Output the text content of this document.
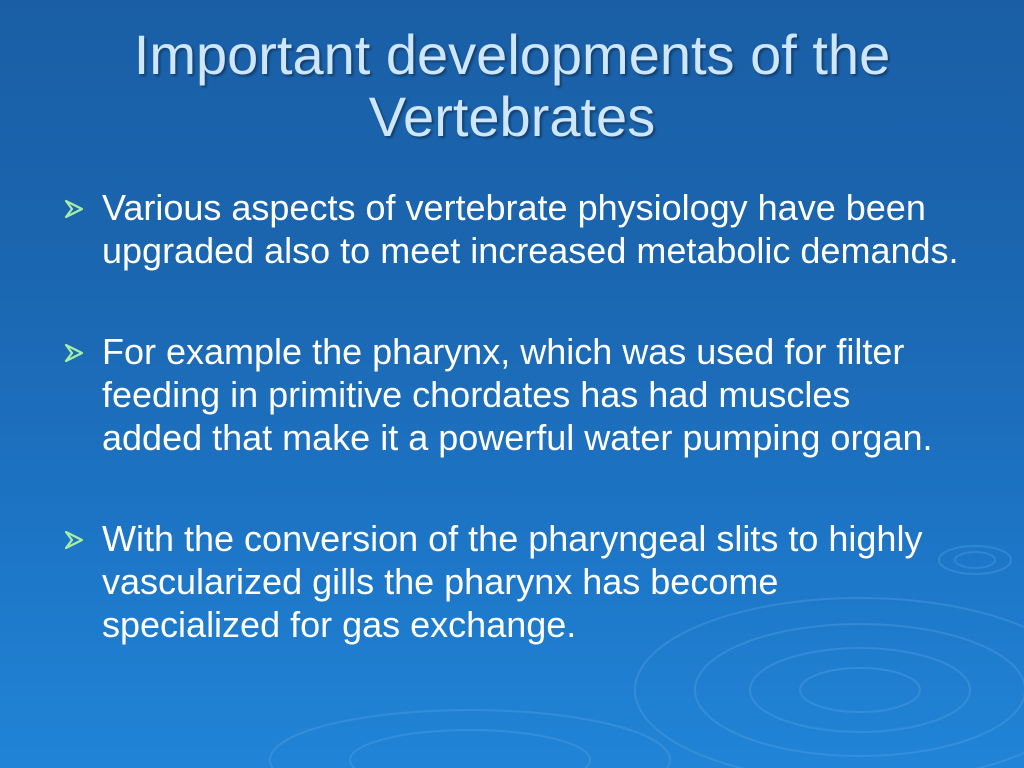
Important developments of the Vertebrates
Various aspects of vertebrate physiology have been upgraded also to meet increased metabolic demands.
For example the pharynx, which was used for filter feeding in primitive chordates has had muscles added that make it a powerful water pumping organ.
With the conversion of the pharyngeal slits to highly vascularized gills the pharynx has become specialized for gas exchange.
